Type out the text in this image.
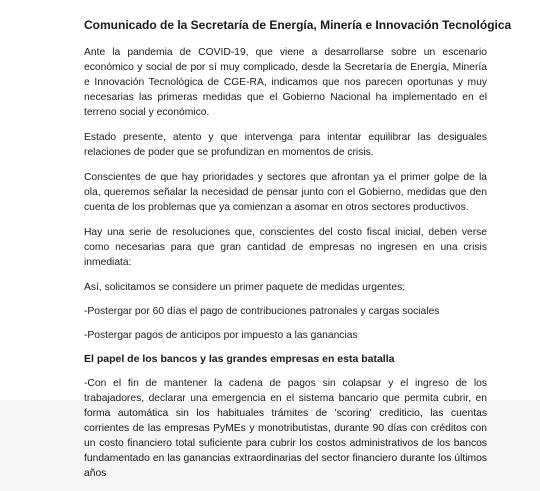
Comunicado de la Secretaría de Energía, Minería e Innovación Tecnológica

Ante la pandemia de COVID-19, que viene a desarrollarse sobre un escenario económico y social de por sí muy complicado, desde la Secretaría de Energía, Minería e Innovación Tecnológica de CGE-RA, indicamos que nos parecen oportunas y muy necesarias las primeras medidas que el Gobierno Nacional ha implementado en el terreno social y económico.

Estado presente, atento y que intervenga para intentar equilibrar las desiguales relaciones de poder que se profundizan en momentos de crisis.

Conscientes de que hay prioridades y sectores que afrontan ya el primer golpe de la ola, queremos señalar la necesidad de pensar junto con el Gobierno, medidas que den cuenta de los problemas que ya comienzan a asomar en otros sectores productivos.

Hay una serie de resoluciones que, conscientes del costo fiscal inicial, deben verse como necesarias para que gran cantidad de empresas no ingresen en una crisis inmediata:

Así, solicitamos se considere un primer paquete de medidas urgentes:

-Postergar por 60 días el pago de contribuciones patronales y cargas sociales

-Postergar pagos de anticipos por impuesto a las ganancias

El papel de los bancos y las grandes empresas en esta batalla

-Con el fin de mantener la cadena de pagos sin colapsar y el ingreso de los trabajadores, declarar una emergencia en el sistema bancario que permita cubrir, en forma automática sin los habituales trámites de 'scoring' crediticio, las cuentas corrientes de las empresas PyMEs y monotributistas, durante 90 días con créditos con un costo financiero total suficiente para cubrir los costos administrativos de los bancos fundamentado en las ganancias extraordinarias del sector financiero durante los últimos años
